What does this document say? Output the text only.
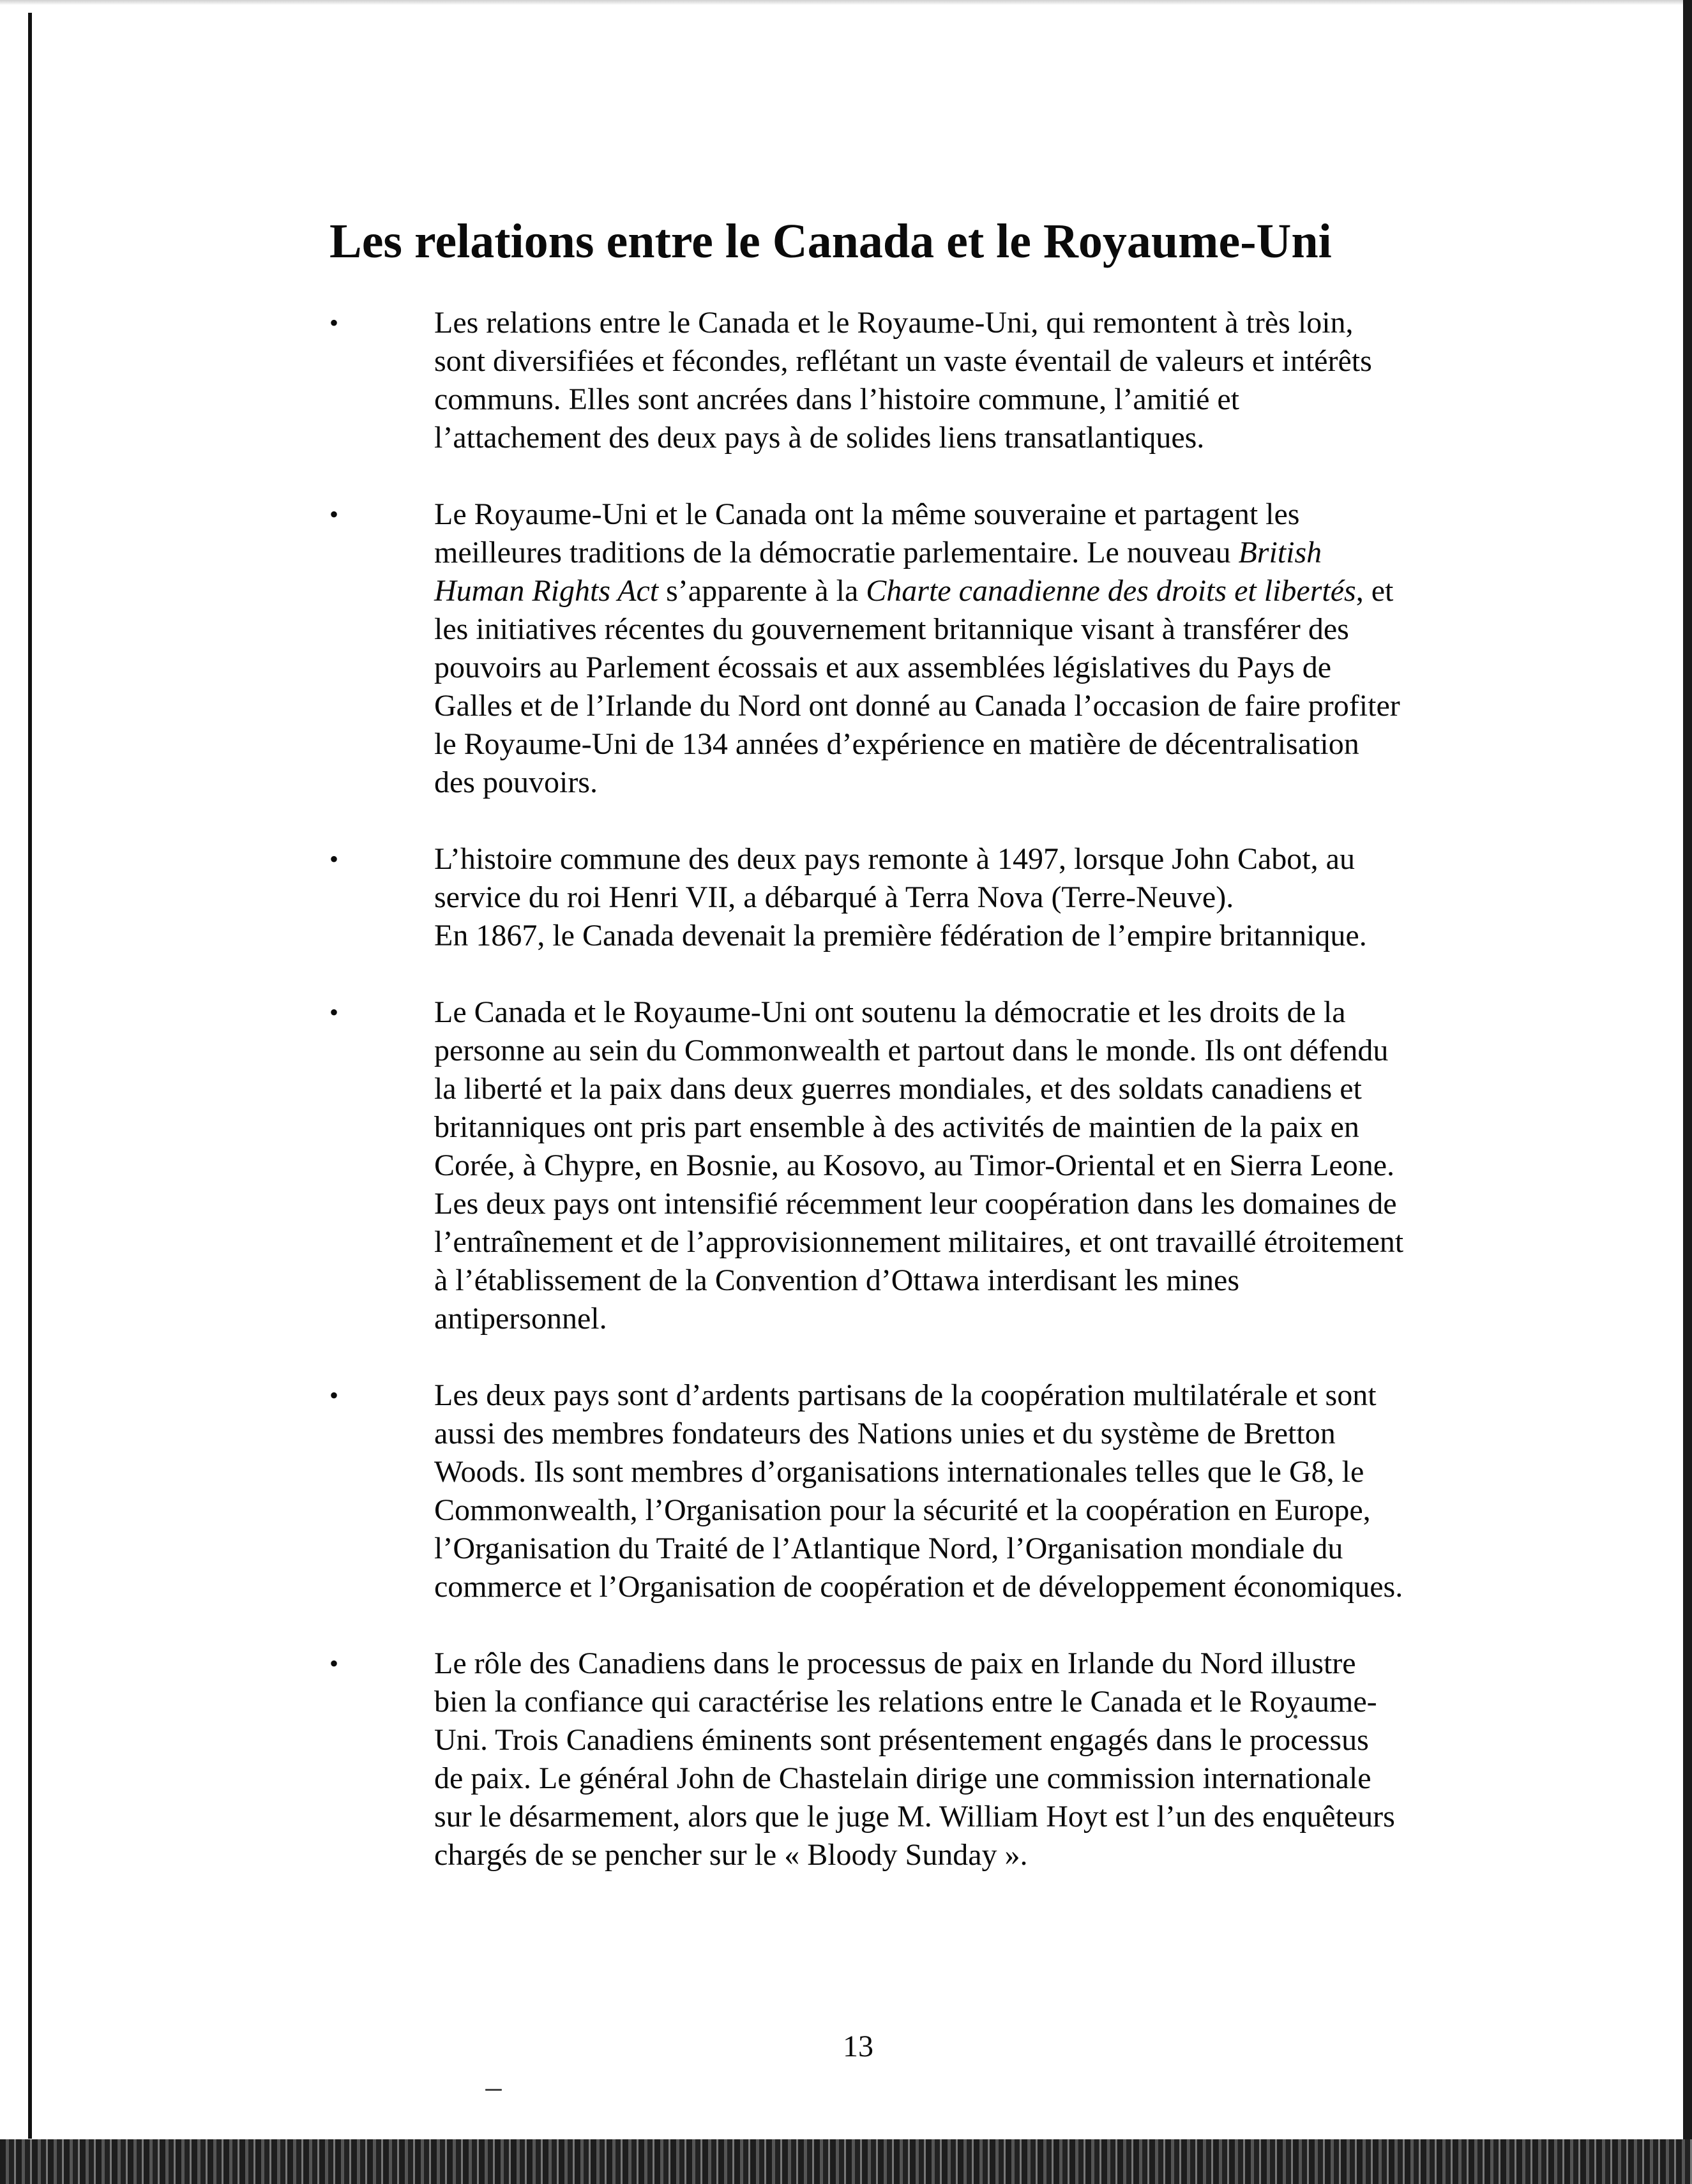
Les relations entre le Canada et le Royaume-Uni
•	Les relations entre le Canada et le Royaume-Uni, qui remontent à très loin, sont diversifiées et fécondes, reflétant un vaste éventail de valeurs et intérêts communs. Elles sont ancrées dans l’histoire commune, l’amitié et l’attachement des deux pays à de solides liens transatlantiques.
•	Le Royaume-Uni et le Canada ont la même souveraine et partagent les meilleures traditions de la démocratie parlementaire. Le nouveau British Human Rights Act s’apparente à la Charte canadienne des droits et libertés, et les initiatives récentes du gouvernement britannique visant à transférer des pouvoirs au Parlement écossais et aux assemblées législatives du Pays de Galles et de l’Irlande du Nord ont donné au Canada l’occasion de faire profiter le Royaume-Uni de 134 années d’expérience en matière de décentralisation des pouvoirs.
•	L’histoire commune des deux pays remonte à 1497, lorsque John Cabot, au service du roi Henri VII, a débarqué à Terra Nova (Terre-Neuve).
En 1867, le Canada devenait la première fédération de l’empire britannique.
•	Le Canada et le Royaume-Uni ont soutenu la démocratie et les droits de la personne au sein du Commonwealth et partout dans le monde. Ils ont défendu la liberté et la paix dans deux guerres mondiales, et des soldats canadiens et britanniques ont pris part ensemble à des activités de maintien de la paix en Corée, à Chypre, en Bosnie, au Kosovo, au Timor-Oriental et en Sierra Leone. Les deux pays ont intensifié récemment leur coopération dans les domaines de l’entraînement et de l’approvisionnement militaires, et ont travaillé étroitement à l’établissement de la Convention d’Ottawa interdisant les mines antipersonnel.
•	Les deux pays sont d’ardents partisans de la coopération multilatérale et sont aussi des membres fondateurs des Nations unies et du système de Bretton Woods. Ils sont membres d’organisations internationales telles que le G8, le Commonwealth, l’Organisation pour la sécurité et la coopération en Europe, l’Organisation du Traité de l’Atlantique Nord, l’Organisation mondiale du commerce et l’Organisation de coopération et de développement économiques.
•	Le rôle des Canadiens dans le processus de paix en Irlande du Nord illustre bien la confiance qui caractérise les relations entre le Canada et le Royaume-Uni. Trois Canadiens éminents sont présentement engagés dans le processus de paix. Le général John de Chastelain dirige une commission internationale sur le désarmement, alors que le juge M. William Hoyt est l’un des enquêteurs chargés de se pencher sur le « Bloody Sunday ».
13
